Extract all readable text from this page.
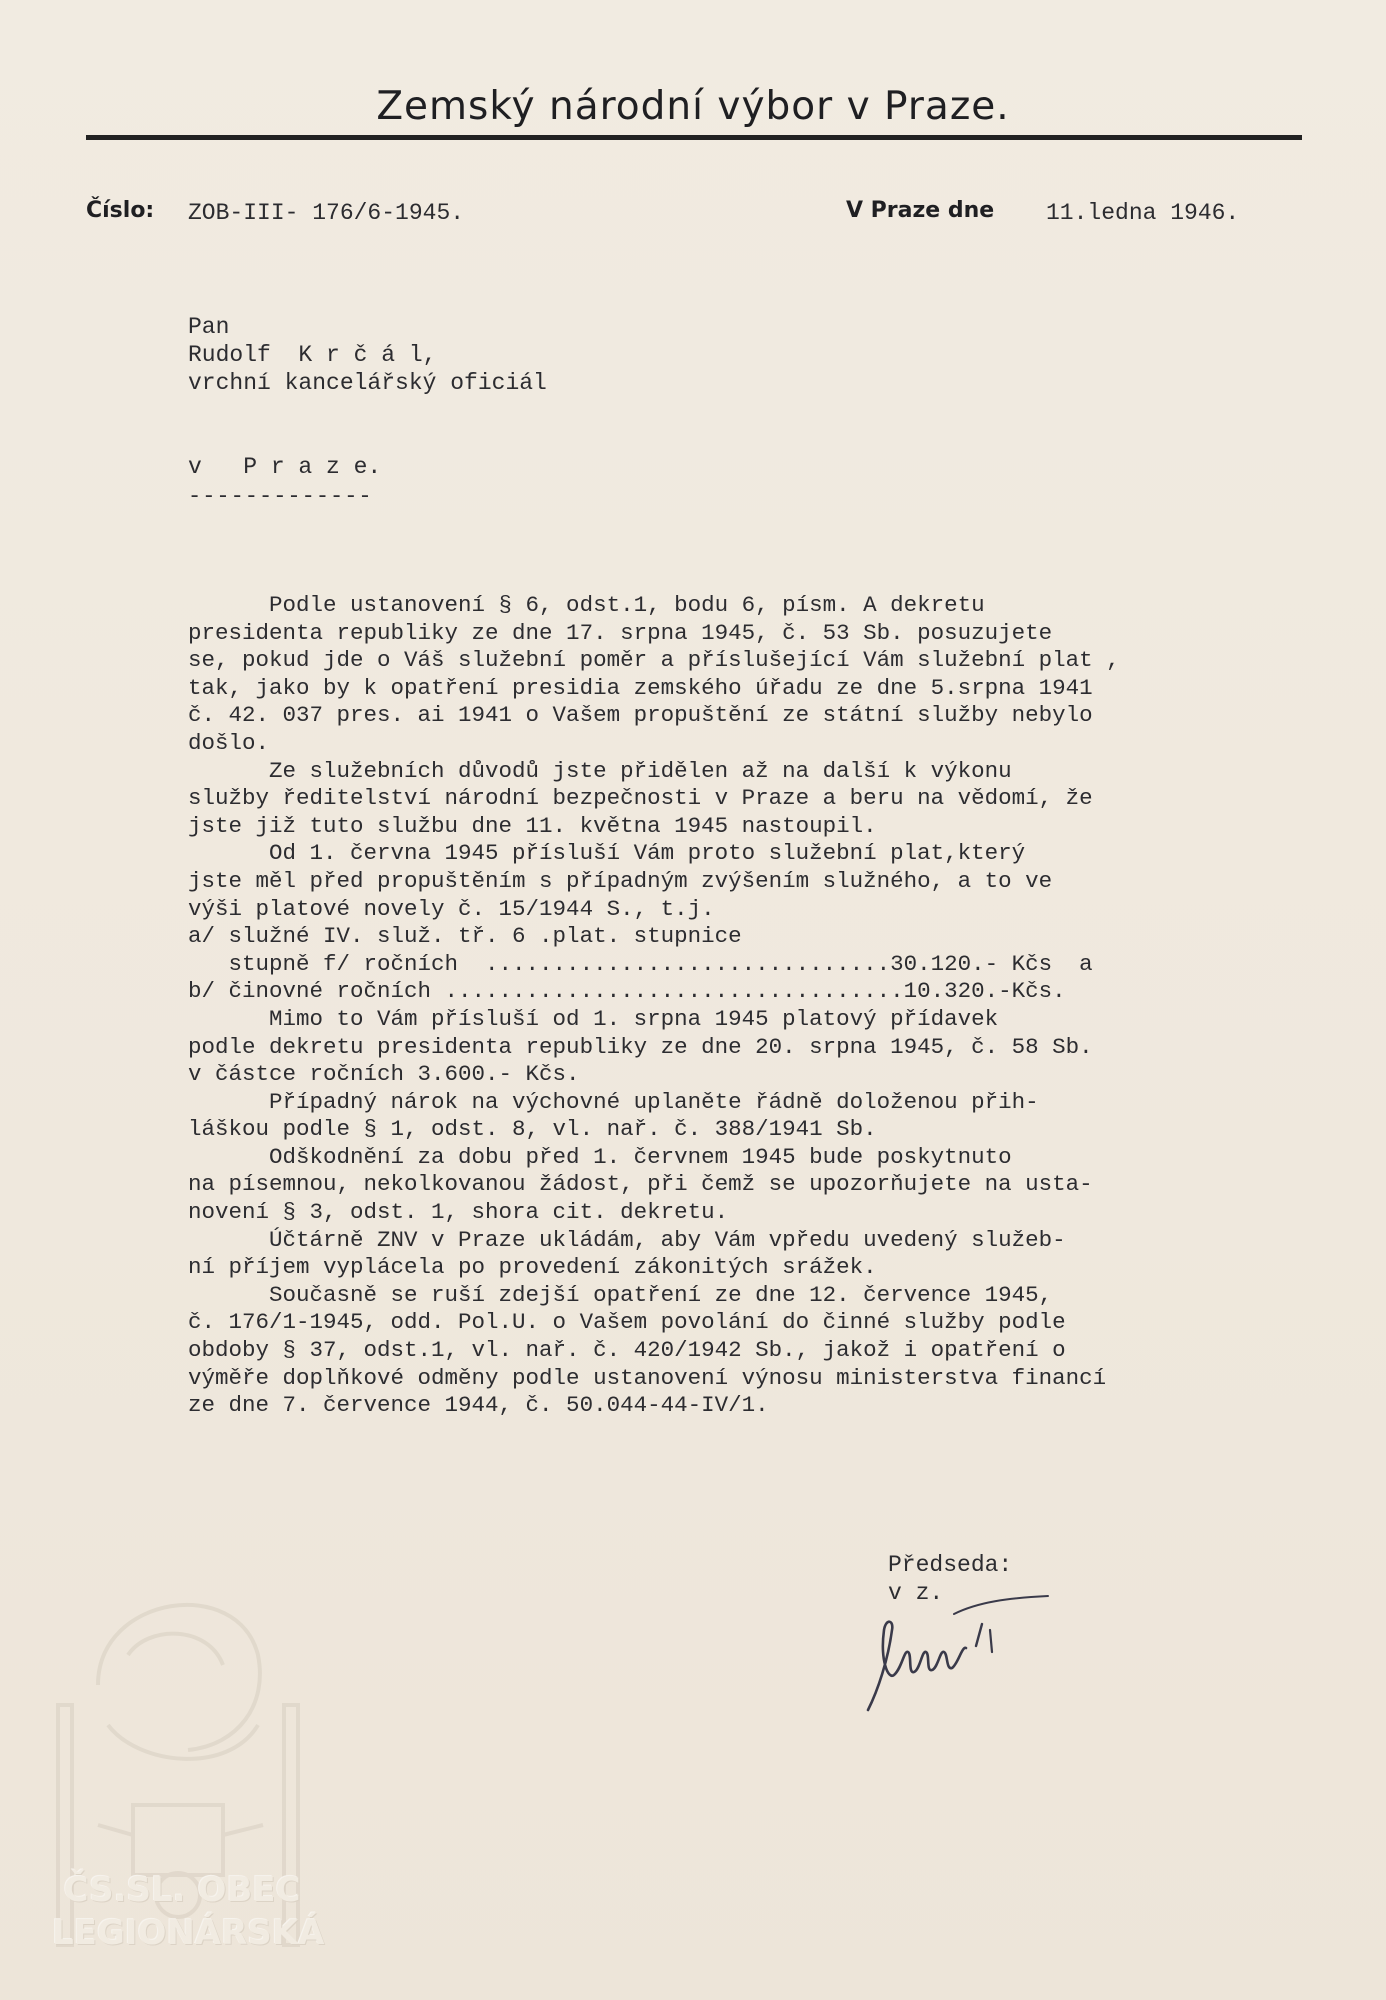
Zemský národní výbor v Praze.
Číslo: ZOB-III- 176/6-1945.	V Praze dne 11.ledna 1946.
Pan
Rudolf  K r č á l,
vrchní kancelářský oficiál
v   P r a z e.
-------------
Podle ustanovení § 6, odst.1, bodu 6, písm. A dekretu
presidenta republiky ze dne 17. srpna 1945, č. 53 Sb. posuzujete
se, pokud jde o Váš služební poměr a příslušející Vám služební plat ,
tak, jako by k opatření presidia zemského úřadu ze dne 5.srpna 1941
č. 42. 037 pres. ai 1941 o Vašem propuštění ze státní služby nebylo
došlo.
Ze služebních důvodů jste přidělen až na další k výkonu
služby ředitelství národní bezpečnosti v Praze a beru na vědomí, že
jste již tuto službu dne 11. května 1945 nastoupil.
Od 1. června 1945 přísluší Vám proto služební plat,který
jste měl před propuštěním s případným zvýšením služného, a to ve
výši platové novely č. 15/1944 S., t.j.
a/ služné IV. služ. tř. 6 .plat. stupnice
stupně f/ ročních  ..............................30.120.- Kčs  a
b/ činovné ročních ..................................10.320.-Kčs.
Mimo to Vám přísluší od 1. srpna 1945 platový přídavek
podle dekretu presidenta republiky ze dne 20. srpna 1945, č. 58 Sb.
v částce ročních 3.600.- Kčs.
Případný nárok na výchovné uplaněte řádně doloženou přih-
láškou podle § 1, odst. 8, vl. nař. č. 388/1941 Sb.
Odškodnění za dobu před 1. červnem 1945 bude poskytnuto
na písemnou, nekolkovanou žádost, při čemž se upozorňujete na usta-
novení § 3, odst. 1, shora cit. dekretu.
Účtárně ZNV v Praze ukládám, aby Vám vpředu uvedený služeb-
ní příjem vyplácela po provedení zákonitých srážek.
Současně se ruší zdejší opatření ze dne 12. července 1945,
č. 176/1-1945, odd. Pol.U. o Vašem povolání do činné služby podle
obdoby § 37, odst.1, vl. nař. č. 420/1942 Sb., jakož i opatření o
výměře doplňkové odměny podle ustanovení výnosu ministerstva financí
ze dne 7. července 1944, č. 50.044-44-IV/1.
Předseda:
v z.
ČS.SL. OBEC
LEGIONÁRSKÁ
